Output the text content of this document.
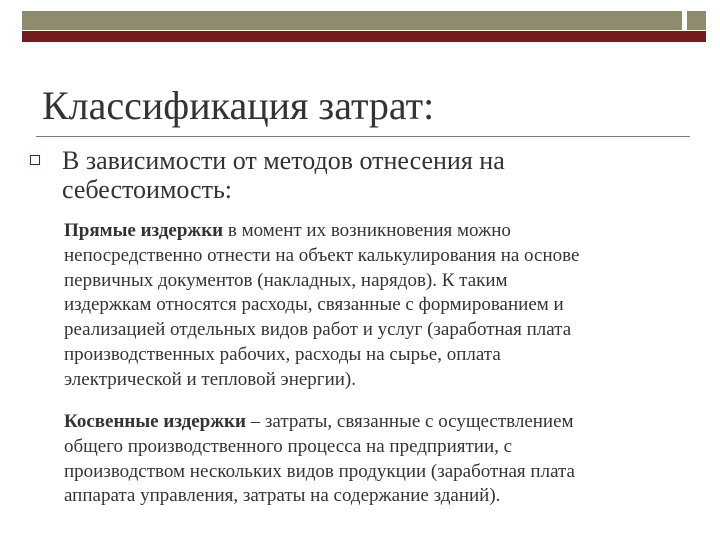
Классификация затрат:
В зависимости от методов отнесения на себестоимость:
Прямые издержки в момент их возникновения можно
непосредственно отнести на объект калькулирования на основе
первичных документов (накладных, нарядов). К таким
издержкам относятся расходы, связанные с формированием и
реализацией отдельных видов работ и услуг (заработная плата
производственных рабочих, расходы на сырье, оплата
электрической и тепловой энергии).
Косвенные издержки – затраты, связанные с осуществлением
общего производственного процесса на предприятии, с
производством нескольких видов продукции (заработная плата
аппарата управления, затраты на содержание зданий).
